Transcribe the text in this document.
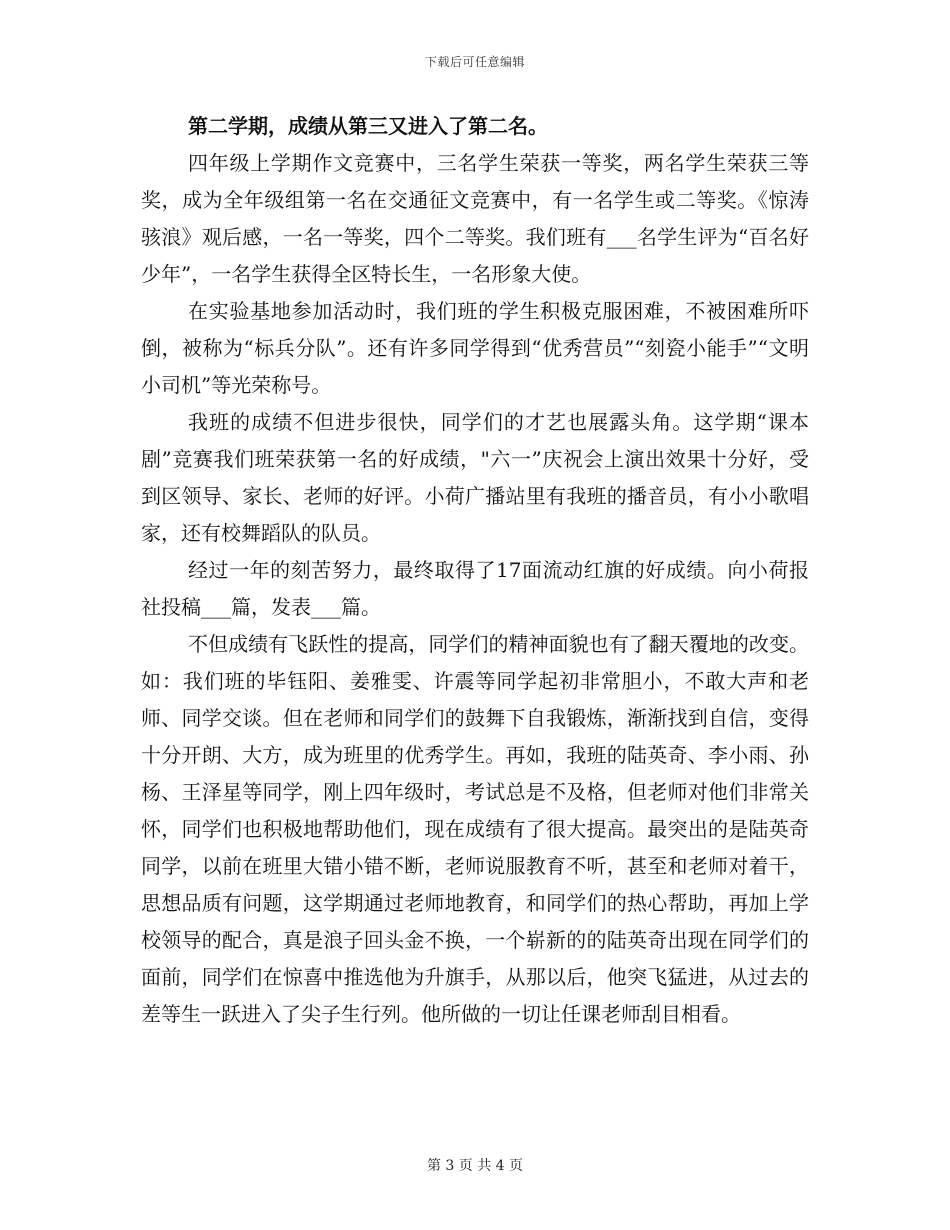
下载后可任意编辑

第二学期，成绩从第三又进入了第二名。

四年级上学期作文竞赛中，三名学生荣获一等奖，两名学生荣获三等奖，成为全年级组第一名在交通征文竞赛中，有一名学生或二等奖。《惊涛骇浪》观后感，一名一等奖，四个二等奖。我们班有___名学生评为“百名好少年”，一名学生获得全区特长生，一名形象大使。

在实验基地参加活动时，我们班的学生积极克服困难，不被困难所吓倒，被称为“标兵分队”。还有许多同学得到“优秀营员”“刻瓷小能手”“文明小司机”等光荣称号。

我班的成绩不但进步很快，同学们的才艺也展露头角。这学期“课本剧”竞赛我们班荣获第一名的好成绩，"六一”庆祝会上演出效果十分好，受到区领导、家长、老师的好评。小荷广播站里有我班的播音员，有小小歌唱家，还有校舞蹈队的队员。

经过一年的刻苦努力，最终取得了17面流动红旗的好成绩。向小荷报社投稿___篇，发表___篇。

不但成绩有飞跃性的提高，同学们的精神面貌也有了翻天覆地的改变。如：我们班的毕钰阳、姜雅雯、许震等同学起初非常胆小，不敢大声和老师、同学交谈。但在老师和同学们的鼓舞下自我锻炼，渐渐找到自信，变得十分开朗、大方，成为班里的优秀学生。再如，我班的陆英奇、李小雨、孙杨、王泽星等同学，刚上四年级时，考试总是不及格，但老师对他们非常关怀，同学们也积极地帮助他们，现在成绩有了很大提高。最突出的是陆英奇同学，以前在班里大错小错不断，老师说服教育不听，甚至和老师对着干，思想品质有问题，这学期通过老师地教育，和同学们的热心帮助，再加上学校领导的配合，真是浪子回头金不换，一个崭新的的陆英奇出现在同学们的面前，同学们在惊喜中推选他为升旗手，从那以后，他突飞猛进，从过去的差等生一跃进入了尖子生行列。他所做的一切让任课老师刮目相看。

第 3 页 共 4 页
